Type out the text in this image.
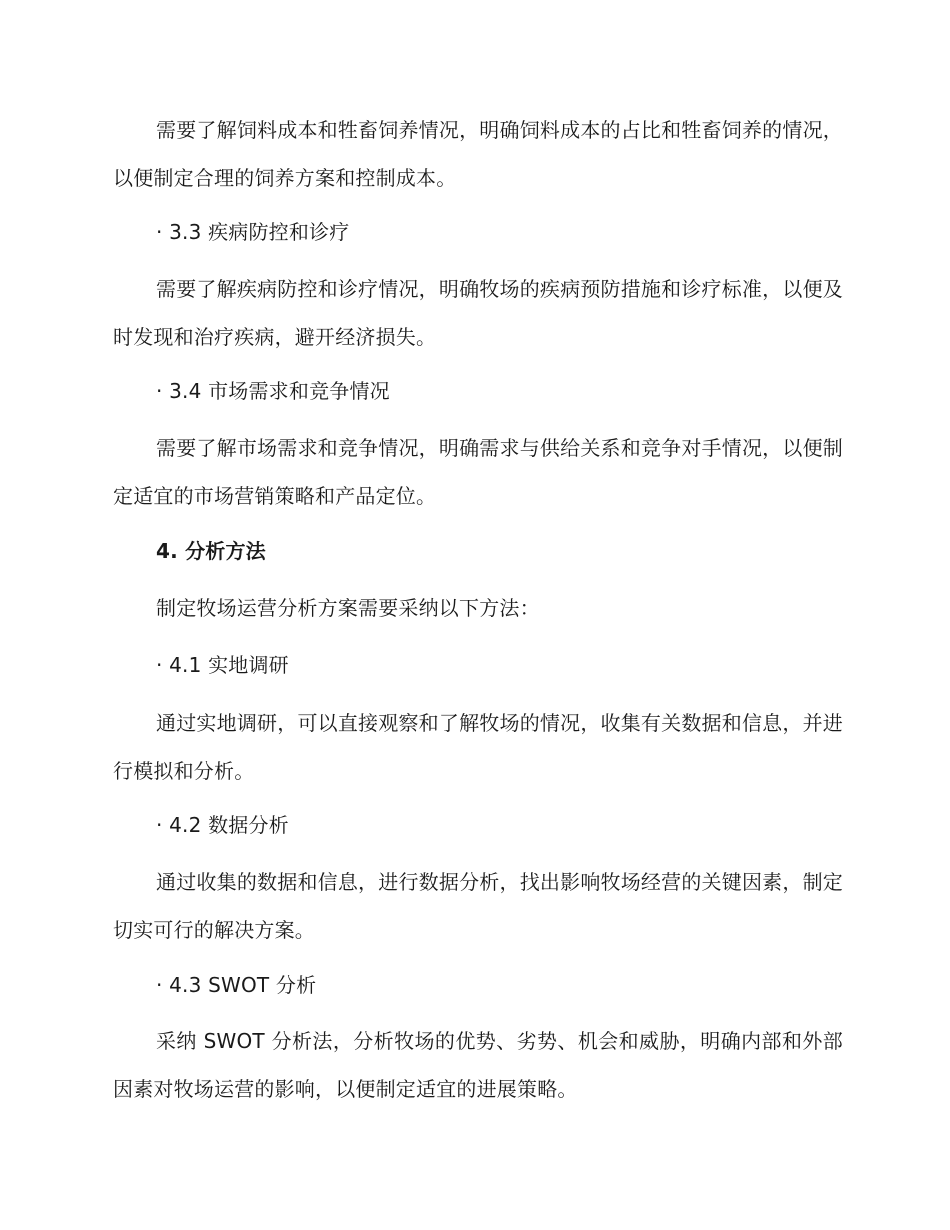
需要了解饲料成本和牲畜饲养情况，明确饲料成本的占比和牲畜饲养的情况，以便制定合理的饲养方案和控制成本。
· 3.3 疾病防控和诊疗
需要了解疾病防控和诊疗情况，明确牧场的疾病预防措施和诊疗标准，以便及时发现和治疗疾病，避开经济损失。
· 3.4 市场需求和竞争情况
需要了解市场需求和竞争情况，明确需求与供给关系和竞争对手情况，以便制定适宜的市场营销策略和产品定位。
4. 分析方法
制定牧场运营分析方案需要采纳以下方法：
· 4.1 实地调研
通过实地调研，可以直接观察和了解牧场的情况，收集有关数据和信息，并进行模拟和分析。
· 4.2 数据分析
通过收集的数据和信息，进行数据分析，找出影响牧场经营的关键因素，制定切实可行的解决方案。
· 4.3 SWOT 分析
采纳 SWOT 分析法，分析牧场的优势、劣势、机会和威胁，明确内部和外部因素对牧场运营的影响，以便制定适宜的进展策略。
